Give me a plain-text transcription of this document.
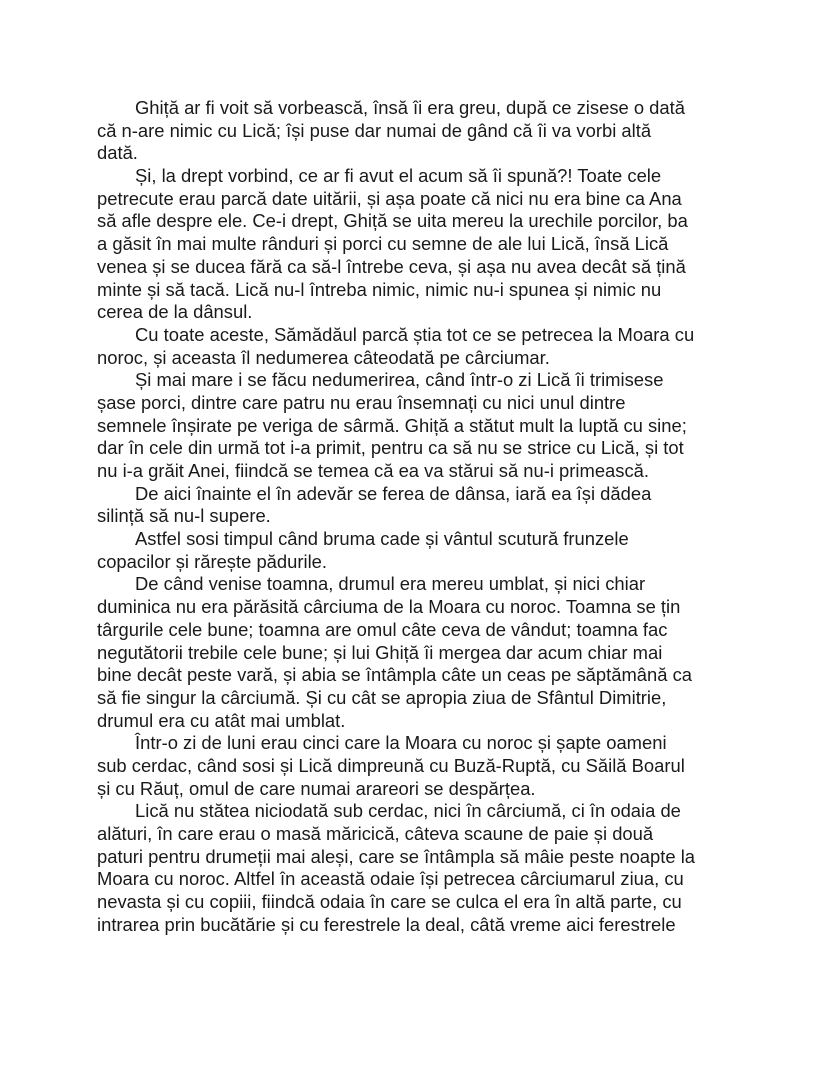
Ghiță ar fi voit să vorbească, însă îi era greu, după ce zisese o dată
că n-are nimic cu Lică; își puse dar numai de gând că îi va vorbi altă
dată.
Și, la drept vorbind, ce ar fi avut el acum să îi spună?! Toate cele
petrecute erau parcă date uitării, și așa poate că nici nu era bine ca Ana
să afle despre ele. Ce-i drept, Ghiță se uita mereu la urechile porcilor, ba
a găsit în mai multe rânduri și porci cu semne de ale lui Lică, însă Lică
venea și se ducea fără ca să-l întrebe ceva, și așa nu avea decât să țină
minte și să tacă. Lică nu-l întreba nimic, nimic nu-i spunea și nimic nu
cerea de la dânsul.
Cu toate aceste, Sămădăul parcă știa tot ce se petrecea la Moara cu
noroc, și aceasta îl nedumerea câteodată pe cârciumar.
Și mai mare i se făcu nedumerirea, când într-o zi Lică îi trimisese
șase porci, dintre care patru nu erau însemnați cu nici unul dintre
semnele înșirate pe veriga de sârmă. Ghiță a stătut mult la luptă cu sine;
dar în cele din urmă tot i-a primit, pentru ca să nu se strice cu Lică, și tot
nu i-a grăit Anei, fiindcă se temea că ea va stărui să nu-i primească.
De aici înainte el în adevăr se ferea de dânsa, iară ea își dădea
silință să nu-l supere.
Astfel sosi timpul când bruma cade și vântul scutură frunzele
copacilor și rărește pădurile.
De când venise toamna, drumul era mereu umblat, și nici chiar
duminica nu era părăsită cârciuma de la Moara cu noroc. Toamna se țin
târgurile cele bune; toamna are omul câte ceva de vândut; toamna fac
negutătorii trebile cele bune; și lui Ghiță îi mergea dar acum chiar mai
bine decât peste vară, și abia se întâmpla câte un ceas pe săptămână ca
să fie singur la cârciumă. Și cu cât se apropia ziua de Sfântul Dimitrie,
drumul era cu atât mai umblat.
Într-o zi de luni erau cinci care la Moara cu noroc și șapte oameni
sub cerdac, când sosi și Lică dimpreună cu Buză-Ruptă, cu Săilă Boarul
și cu Răuț, omul de care numai arareori se despărțea.
Lică nu stătea niciodată sub cerdac, nici în cârciumă, ci în odaia de
alături, în care erau o masă măricică, câteva scaune de paie și două
paturi pentru drumeții mai aleși, care se întâmpla să mâie peste noapte la
Moara cu noroc. Altfel în această odaie își petrecea cârciumarul ziua, cu
nevasta și cu copiii, fiindcă odaia în care se culca el era în altă parte, cu
intrarea prin bucătărie și cu ferestrele la deal, câtă vreme aici ferestrele
